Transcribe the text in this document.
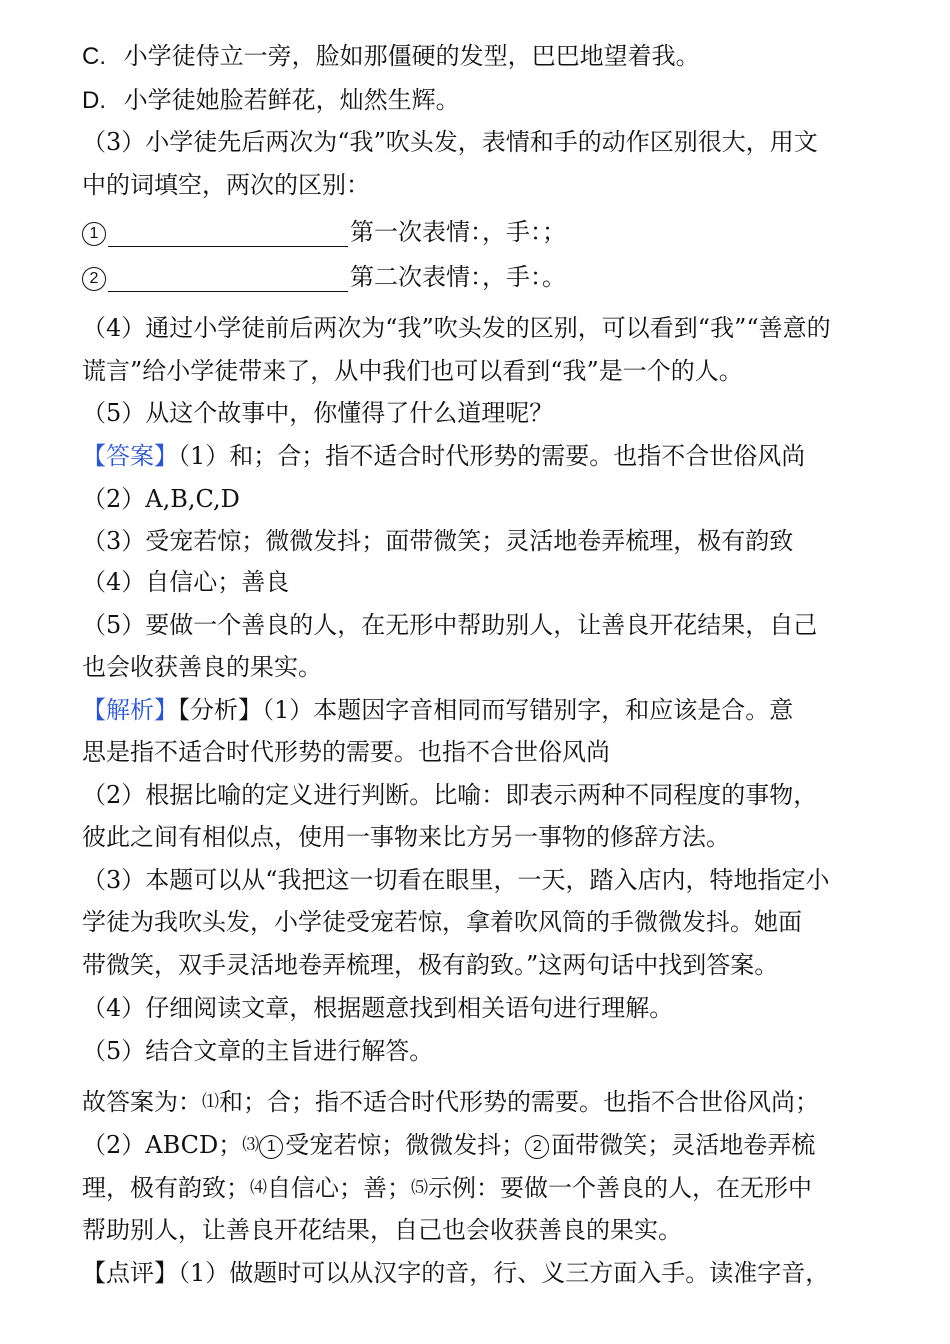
C. 小学徒侍立一旁，脸如那僵硬的发型，巴巴地望着我。
D. 小学徒她脸若鲜花，灿然生辉。
（3）小学徒先后两次为“我”吹头发，表情和手的动作区别很大，用文
中的词填空，两次的区别：
1	第一次表情：，手：；
2	第二次表情：，手：。
（4）通过小学徒前后两次为“我”吹头发的区别，可以看到“我”“善意的
谎言”给小学徒带来了，从中我们也可以看到“我”是一个的人。
（5）从这个故事中，你懂得了什么道理呢？
【答案】（1）和；合；指不适合时代形势的需要。也指不合世俗风尚
（2）A,B,C,D
（3）受宠若惊；微微发抖；面带微笑；灵活地卷弄梳理，极有韵致
（4）自信心；善良
（5）要做一个善良的人，在无形中帮助别人，让善良开花结果，自己
也会收获善良的果实。
【解析】【分析】（1）本题因字音相同而写错别字，和应该是合。意
思是指不适合时代形势的需要。也指不合世俗风尚
（2）根据比喻的定义进行判断。比喻：即表示两种不同程度的事物，
彼此之间有相似点，使用一事物来比方另一事物的修辞方法。
（3）本题可以从“我把这一切看在眼里，一天，踏入店内，特地指定小
学徒为我吹头发，小学徒受宠若惊，拿着吹风筒的手微微发抖。她面
带微笑，双手灵活地卷弄梳理，极有韵致。”这两句话中找到答案。
（4）仔细阅读文章，根据题意找到相关语句进行理解。
（5）结合文章的主旨进行解答。
故答案为：⑴和；合；指不适合时代形势的需要。也指不合世俗风尚；
（2）ABCD；⑶ 1 受宠若惊；微微发抖； 2 面带微笑；灵活地卷弄梳
理，极有韵致；⑷自信心；善；⑸示例：要做一个善良的人，在无形中
帮助别人，让善良开花结果，自己也会收获善良的果实。
【点评】（1）做题时可以从汉字的音，行、义三方面入手。读准字音，
